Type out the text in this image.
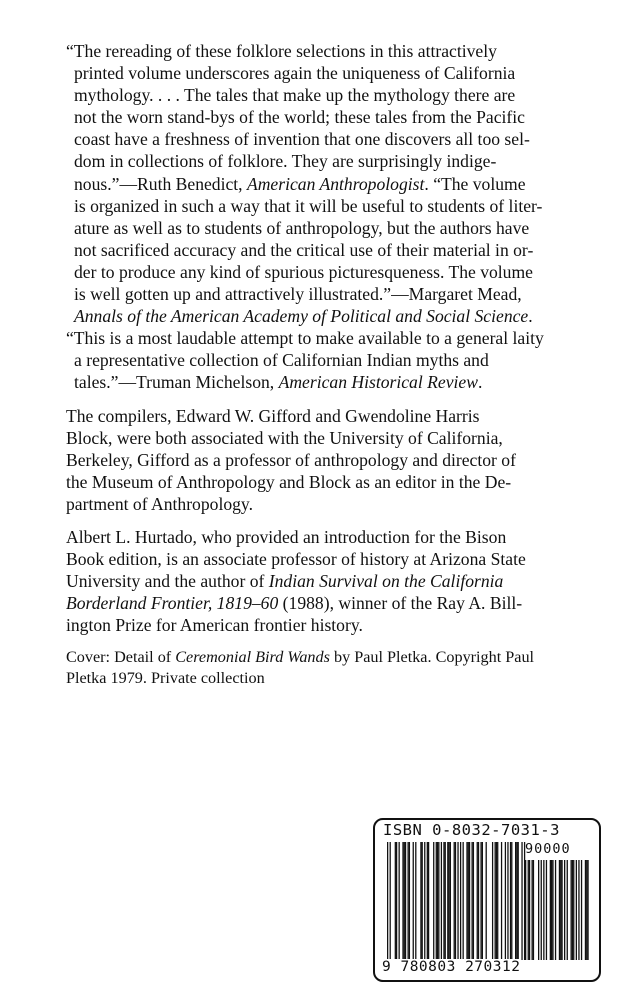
“The rereading of these folklore selections in this attractively
printed volume underscores again the uniqueness of California
mythology. . . . The tales that make up the mythology there are
not the worn stand-bys of the world; these tales from the Pacific
coast have a freshness of invention that one discovers all too sel-
dom in collections of folklore. They are surprisingly indige-
nous.”—Ruth Benedict, American Anthropologist. “The volume
is organized in such a way that it will be useful to students of liter-
ature as well as to students of anthropology, but the authors have
not sacrificed accuracy and the critical use of their material in or-
der to produce any kind of spurious picturesqueness. The volume
is well gotten up and attractively illustrated.”—Margaret Mead,
Annals of the American Academy of Political and Social Science.
“This is a most laudable attempt to make available to a general laity
a representative collection of Californian Indian myths and
tales.”—Truman Michelson, American Historical Review.

The compilers, Edward W. Gifford and Gwendoline Harris
Block, were both associated with the University of California,
Berkeley, Gifford as a professor of anthropology and director of
the Museum of Anthropology and Block as an editor in the De-
partment of Anthropology.

Albert L. Hurtado, who provided an introduction for the Bison
Book edition, is an associate professor of history at Arizona State
University and the author of Indian Survival on the California
Borderland Frontier, 1819–60 (1988), winner of the Ray A. Bill-
ington Prize for American frontier history.

Cover: Detail of Ceremonial Bird Wands by Paul Pletka. Copyright Paul
Pletka 1979. Private collection

ISBN 0-8032-7031-3
90000
9 780803 270312
